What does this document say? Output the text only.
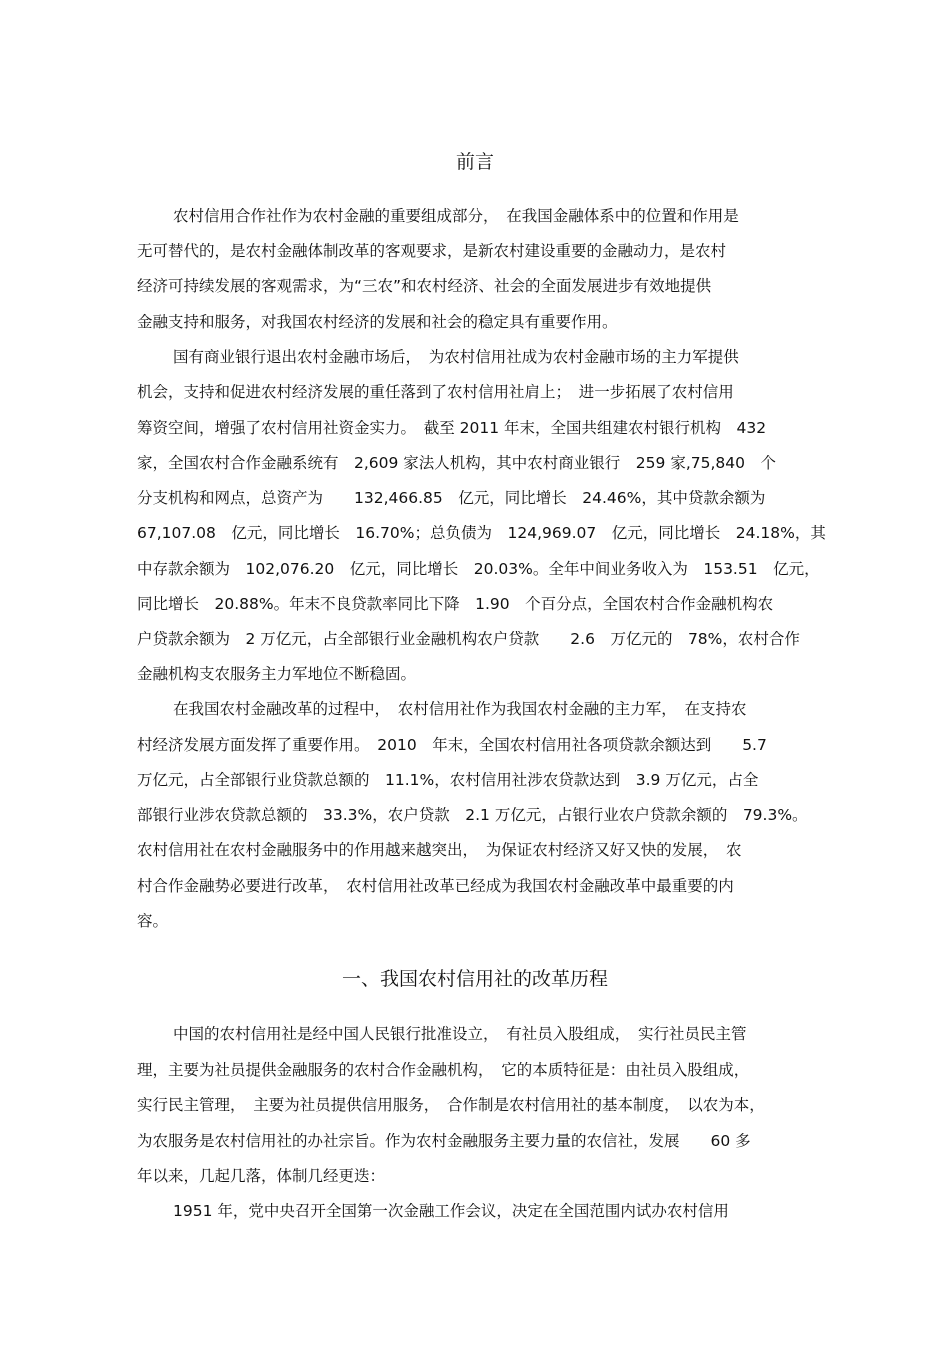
前言
农村信用合作社作为农村金融的重要组成部分，　在我国金融体系中的位置和作用是
无可替代的，是农村金融体制改革的客观要求，是新农村建设重要的金融动力，是农村
经济可持续发展的客观需求，为“三农”和农村经济、社会的全面发展进步有效地提供
金融支持和服务，对我国农村经济的发展和社会的稳定具有重要作用。
国有商业银行退出农村金融市场后，　为农村信用社成为农村金融市场的主力军提供
机会，支持和促进农村经济发展的重任落到了农村信用社肩上；　进一步拓展了农村信用
筹资空间，增强了农村信用社资金实力。　截至 2011 年末，全国共组建农村银行机构　432
家，全国农村合作金融系统有　2,609 家法人机构，其中农村商业银行　259 家,75,840　个
分支机构和网点，总资产为　　132,466.85　亿元，同比增长　24.46%，其中贷款余额为
67,107.08　亿元，同比增长　16.70%；总负债为　124,969.07　亿元，同比增长　24.18%，其
中存款余额为　102,076.20　亿元，同比增长　20.03%。全年中间业务收入为　153.51　亿元，
同比增长　20.88%。年末不良贷款率同比下降　1.90　个百分点，全国农村合作金融机构农
户贷款余额为　2 万亿元，占全部银行业金融机构农户贷款　　2.6　万亿元的　78%，农村合作
金融机构支农服务主力军地位不断稳固。
在我国农村金融改革的过程中，　农村信用社作为我国农村金融的主力军，　在支持农
村经济发展方面发挥了重要作用。　2010　年末，全国农村信用社各项贷款余额达到　　5.7
万亿元，占全部银行业贷款总额的　11.1%，农村信用社涉农贷款达到　3.9 万亿元，占全
部银行业涉农贷款总额的　33.3%，农户贷款　2.1 万亿元，占银行业农户贷款余额的　79.3%。
农村信用社在农村金融服务中的作用越来越突出，　为保证农村经济又好又快的发展，　农
村合作金融势必要进行改革，　农村信用社改革已经成为我国农村金融改革中最重要的内
容。
一、我国农村信用社的改革历程
中国的农村信用社是经中国人民银行批准设立，　有社员入股组成，　实行社员民主管
理，主要为社员提供金融服务的农村合作金融机构，　它的本质特征是：由社员入股组成，
实行民主管理，　主要为社员提供信用服务，　合作制是农村信用社的基本制度，　以农为本，
为农服务是农村信用社的办社宗旨。作为农村金融服务主要力量的农信社，发展　　60 多
年以来，几起几落，体制几经更迭：
1951 年，党中央召开全国第一次金融工作会议，决定在全国范围内试办农村信用
